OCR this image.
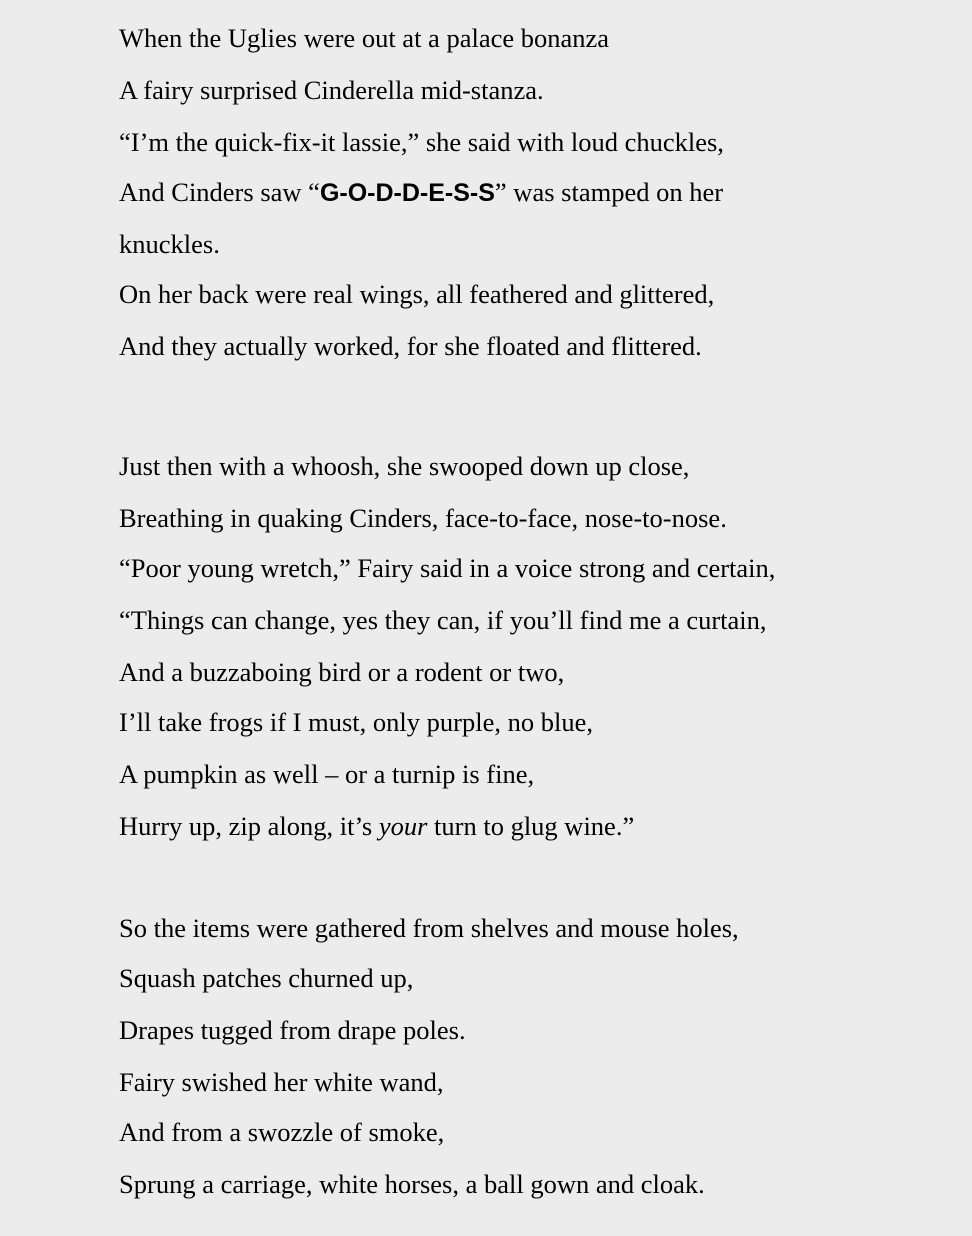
When the Uglies were out at a palace bonanza
A fairy surprised Cinderella mid-stanza.
“I’m the quick-fix-it lassie,” she said with loud chuckles,
And Cinders saw “G-O-D-D-E-S-S” was stamped on her
knuckles.
On her back were real wings, all feathered and glittered,
And they actually worked, for she floated and flittered.
Just then with a whoosh, she swooped down up close,
Breathing in quaking Cinders, face-to-face, nose-to-nose.
“Poor young wretch,” Fairy said in a voice strong and certain,
“Things can change, yes they can, if you’ll find me a curtain,
And a buzzaboing bird or a rodent or two,
I’ll take frogs if I must, only purple, no blue,
A pumpkin as well – or a turnip is fine,
Hurry up, zip along, it’s your turn to glug wine.”
So the items were gathered from shelves and mouse holes,
Squash patches churned up,
Drapes tugged from drape poles.
Fairy swished her white wand,
And from a swozzle of smoke,
Sprung a carriage, white horses, a ball gown and cloak.
